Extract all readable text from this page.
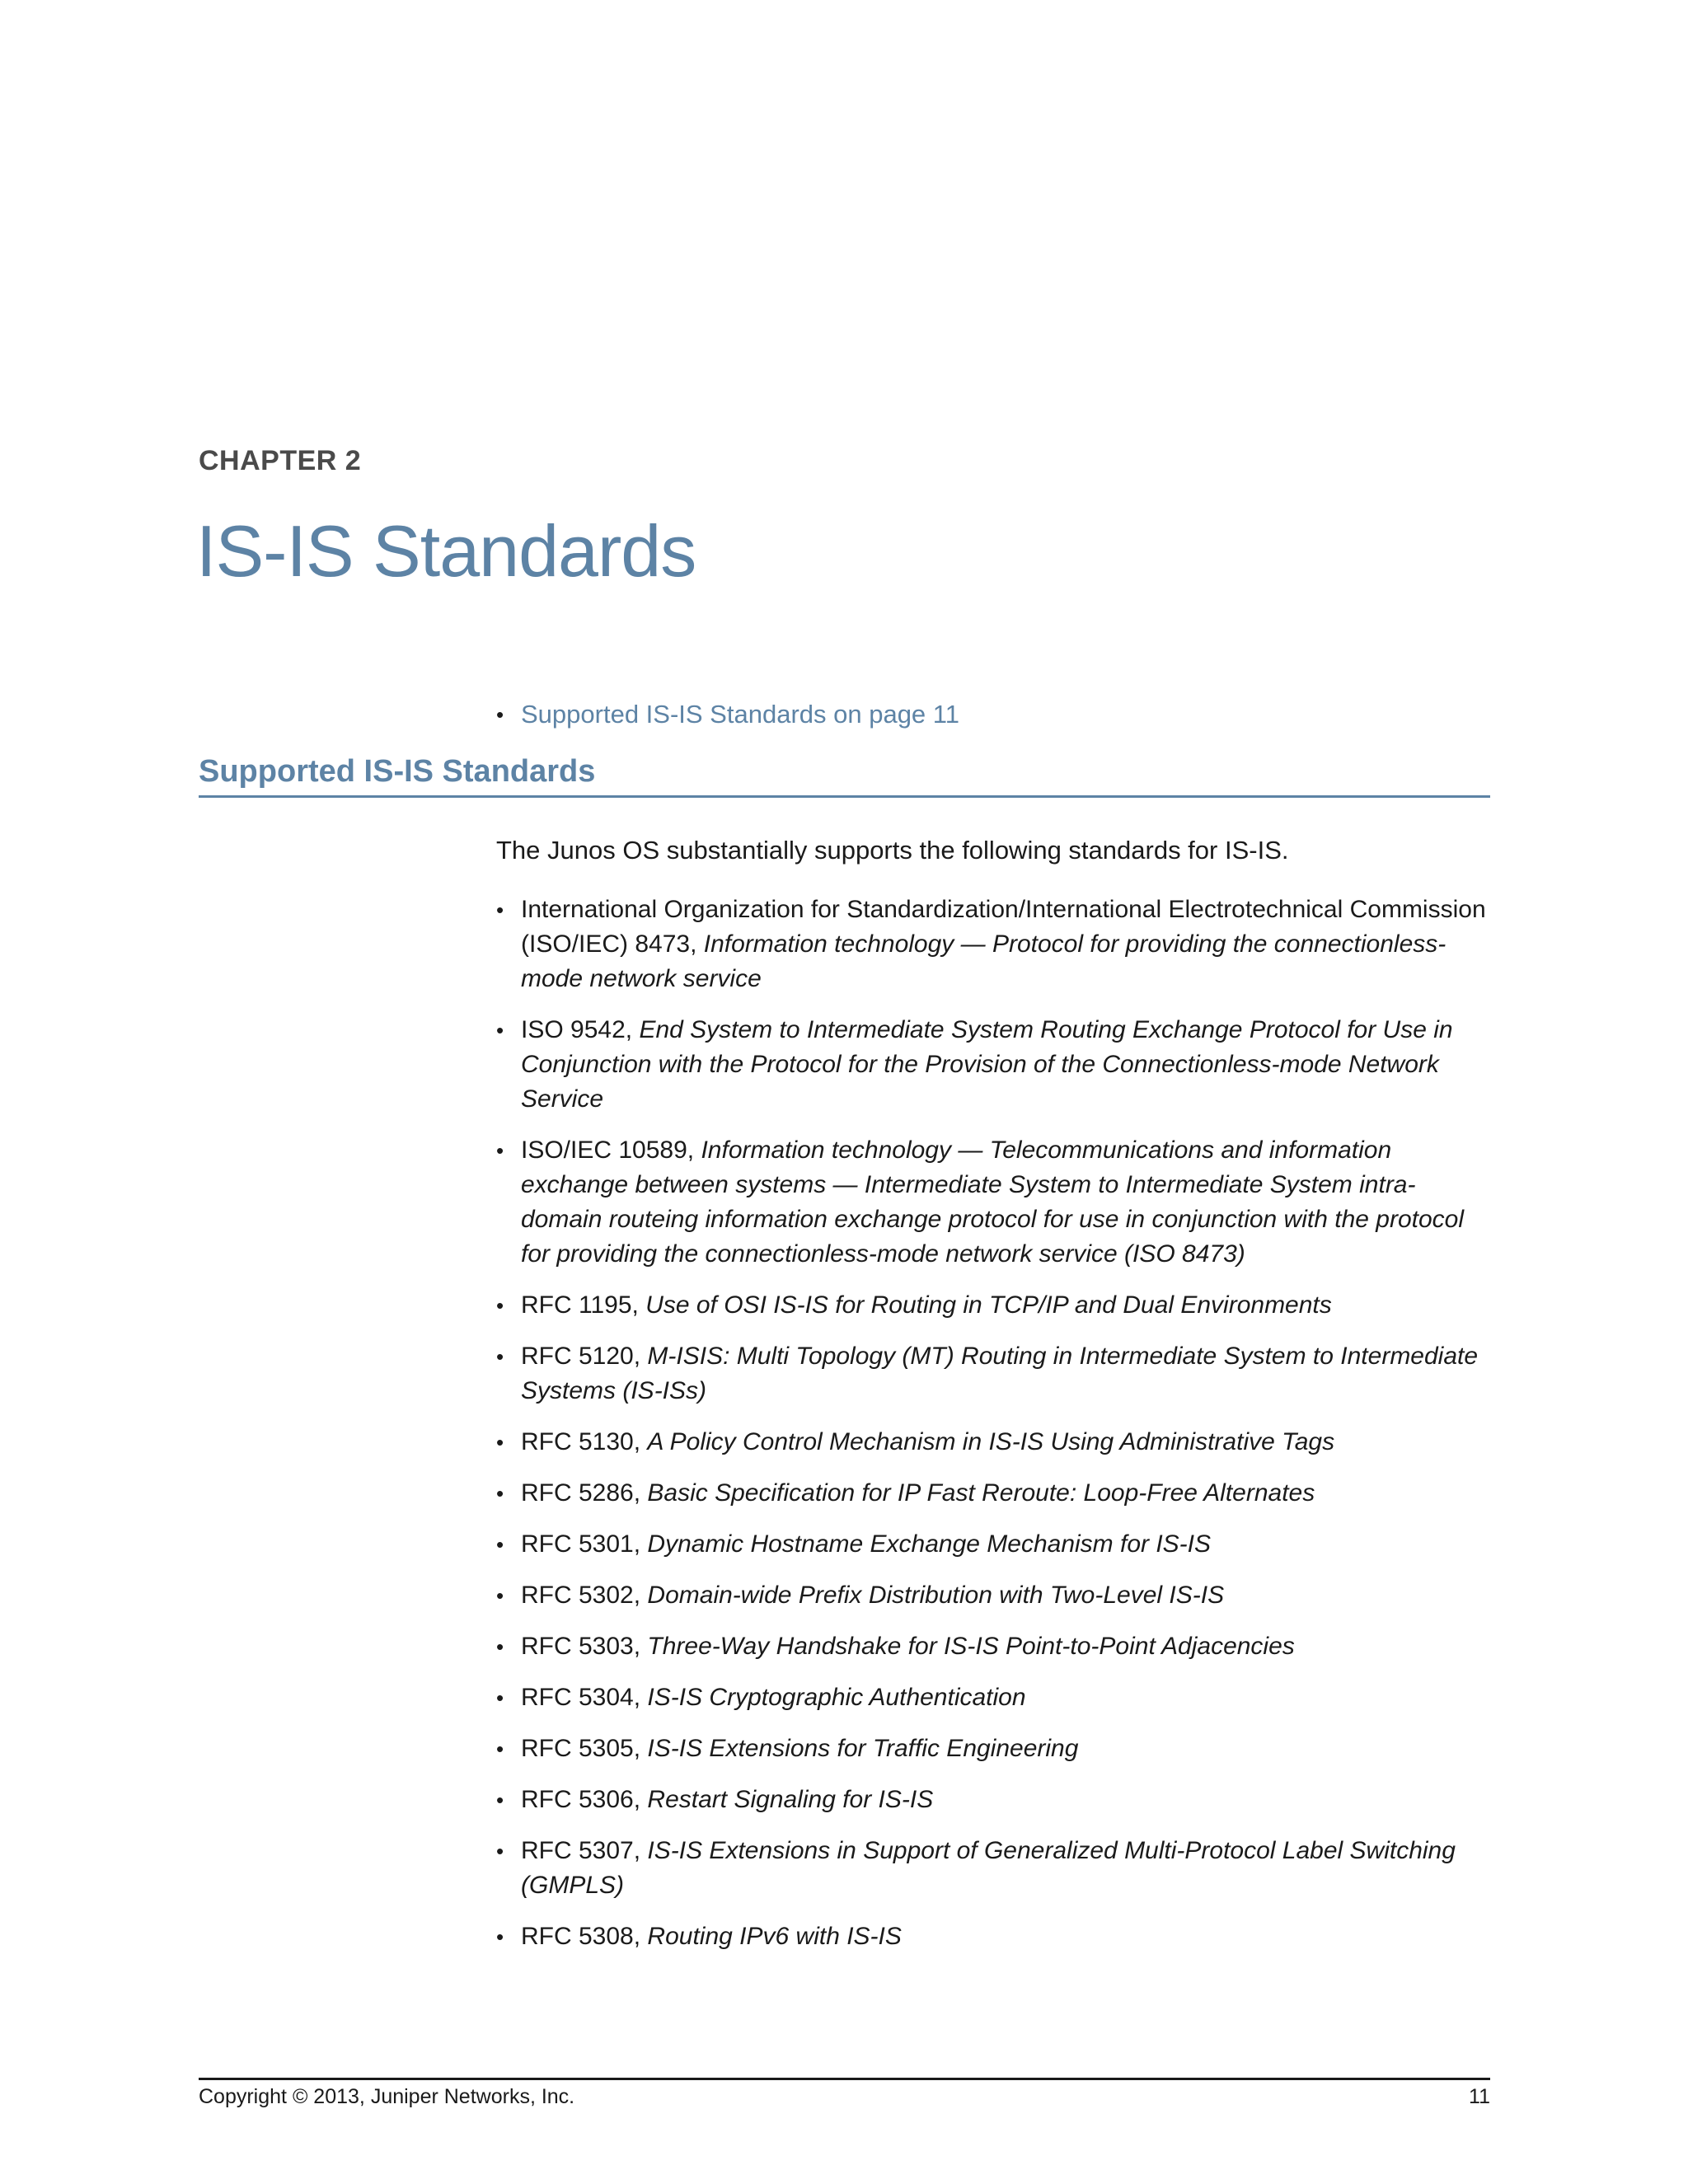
CHAPTER 2
IS-IS Standards
• Supported IS-IS Standards on page 11
Supported IS-IS Standards

The Junos OS substantially supports the following standards for IS-IS.

• International Organization for Standardization/International Electrotechnical Commission (ISO/IEC) 8473, Information technology — Protocol for providing the connectionless-mode network service
• ISO 9542, End System to Intermediate System Routing Exchange Protocol for Use in Conjunction with the Protocol for the Provision of the Connectionless-mode Network Service
• ISO/IEC 10589, Information technology — Telecommunications and information exchange between systems — Intermediate System to Intermediate System intra-domain routeing information exchange protocol for use in conjunction with the protocol for providing the connectionless-mode network service (ISO 8473)
• RFC 1195, Use of OSI IS-IS for Routing in TCP/IP and Dual Environments
• RFC 5120, M-ISIS: Multi Topology (MT) Routing in Intermediate System to Intermediate Systems (IS-ISs)
• RFC 5130, A Policy Control Mechanism in IS-IS Using Administrative Tags
• RFC 5286, Basic Specification for IP Fast Reroute: Loop-Free Alternates
• RFC 5301, Dynamic Hostname Exchange Mechanism for IS-IS
• RFC 5302, Domain-wide Prefix Distribution with Two-Level IS-IS
• RFC 5303, Three-Way Handshake for IS-IS Point-to-Point Adjacencies
• RFC 5304, IS-IS Cryptographic Authentication
• RFC 5305, IS-IS Extensions for Traffic Engineering
• RFC 5306, Restart Signaling for IS-IS
• RFC 5307, IS-IS Extensions in Support of Generalized Multi-Protocol Label Switching (GMPLS)
• RFC 5308, Routing IPv6 with IS-IS
Copyright © 2013, Juniper Networks, Inc.	11
